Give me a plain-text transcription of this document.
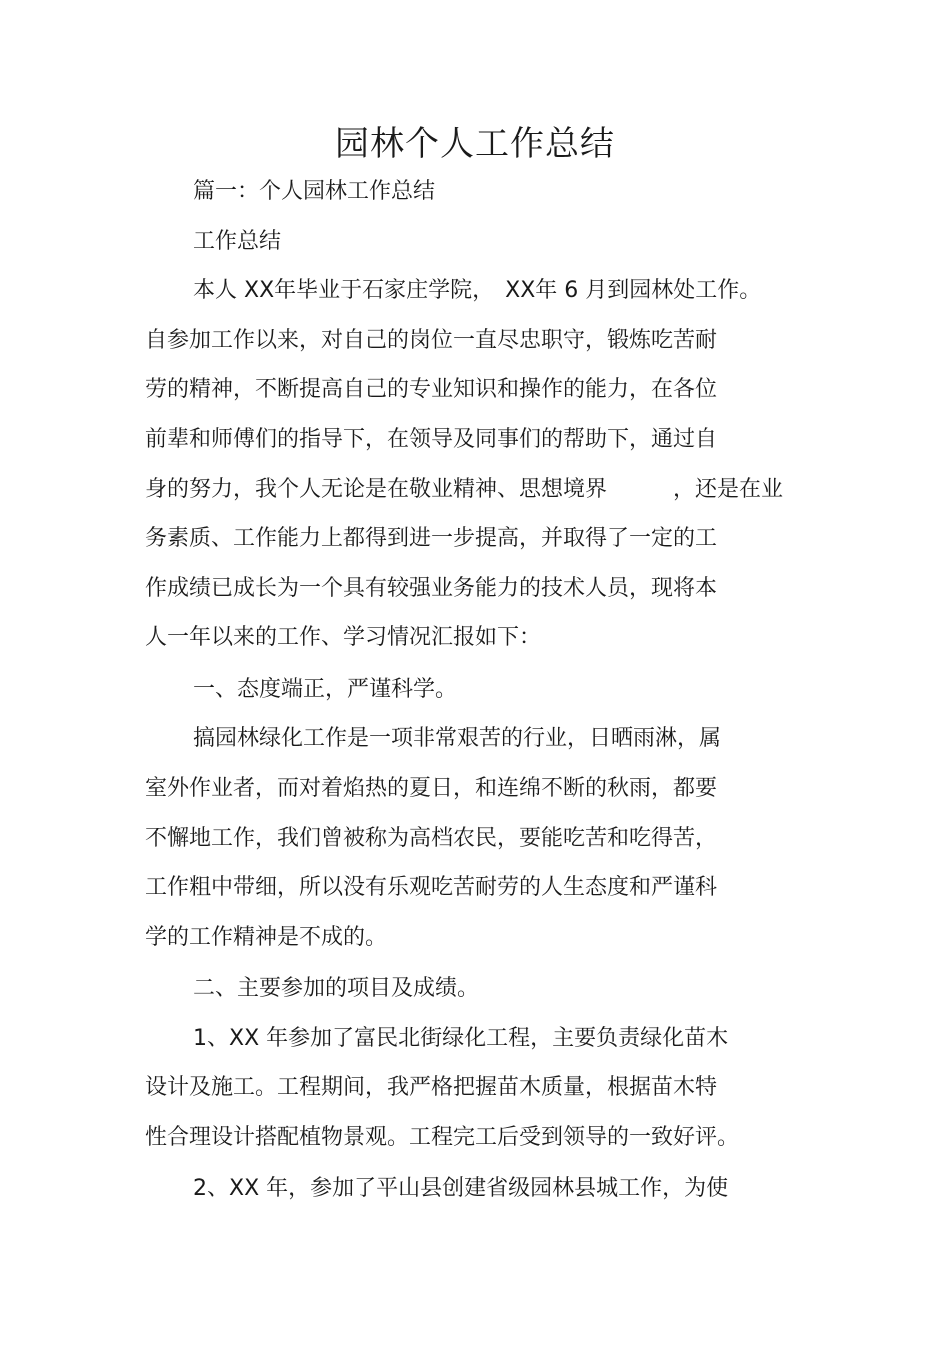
园林个人工作总结

篇一：个人园林工作总结

工作总结

本人 XX年毕业于石家庄学院，　XX年 6 月到园林处工作。

自参加工作以来，对自己的岗位一直尽忠职守，锻炼吃苦耐

劳的精神，不断提高自己的专业知识和操作的能力，在各位

前辈和师傅们的指导下，在领导及同事们的帮助下，通过自

身的努力，我个人无论是在敬业精神、思想境界　　　，还是在业

务素质、工作能力上都得到进一步提高，并取得了一定的工

作成绩已成长为一个具有较强业务能力的技术人员，现将本

人一年以来的工作、学习情况汇报如下：

一、态度端正，严谨科学。

搞园林绿化工作是一项非常艰苦的行业，日晒雨淋，属

室外作业者，而对着焰热的夏日，和连绵不断的秋雨，都要

不懈地工作，我们曾被称为高档农民，要能吃苦和吃得苦，

工作粗中带细，所以没有乐观吃苦耐劳的人生态度和严谨科

学的工作精神是不成的。

二、主要参加的项目及成绩。

1、XX 年参加了富民北街绿化工程，主要负责绿化苗木

设计及施工。工程期间，我严格把握苗木质量，根据苗木特

性合理设计搭配植物景观。工程完工后受到领导的一致好评。

2、XX 年，参加了平山县创建省级园林县城工作，为使
